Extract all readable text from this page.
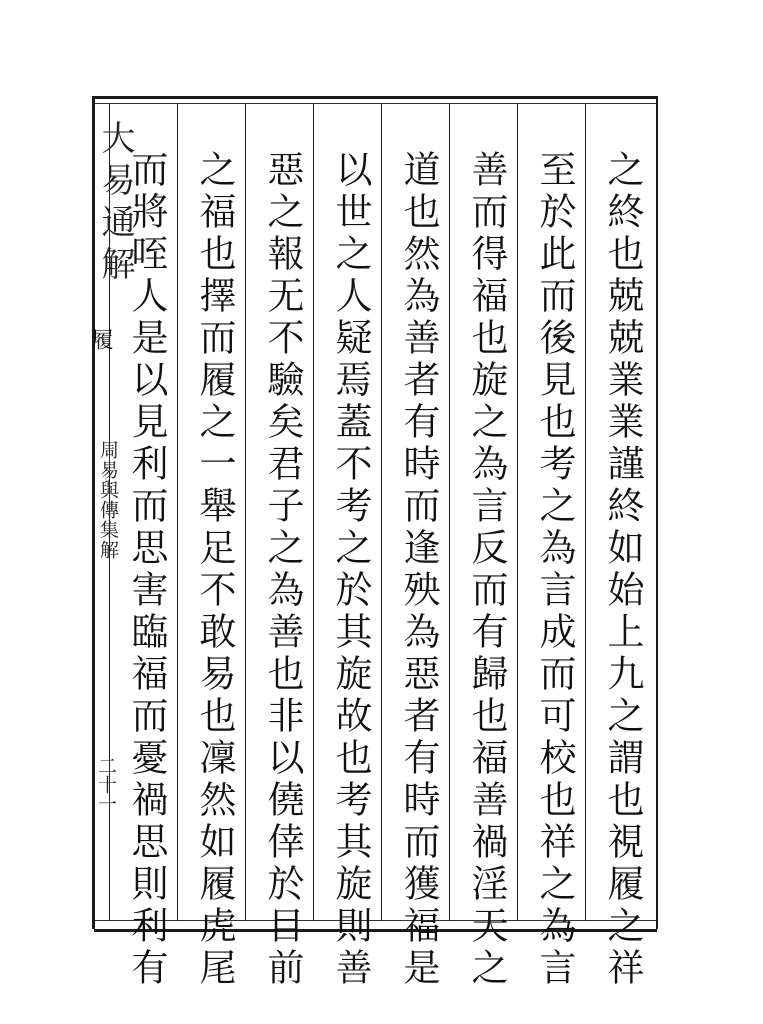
大易通解
履
周易與傳集解
二十一	之終也兢兢業業謹終如始上九之謂也視履之祥
至於此而後見也考之為言成而可校也祥之為言
善而得福也旋之為言反而有歸也福善禍淫天之
道也然為善者有時而逢殃為惡者有時而獲福是
以世之人疑焉蓋不考之於其旋故也考其旋則善
惡之報无不驗矣君子之為善也非以僥倖於目前
之福也擇而履之一舉足不敢易也凜然如履虎尾
而將咥人是以見利而思害臨福而憂禍思則利有
